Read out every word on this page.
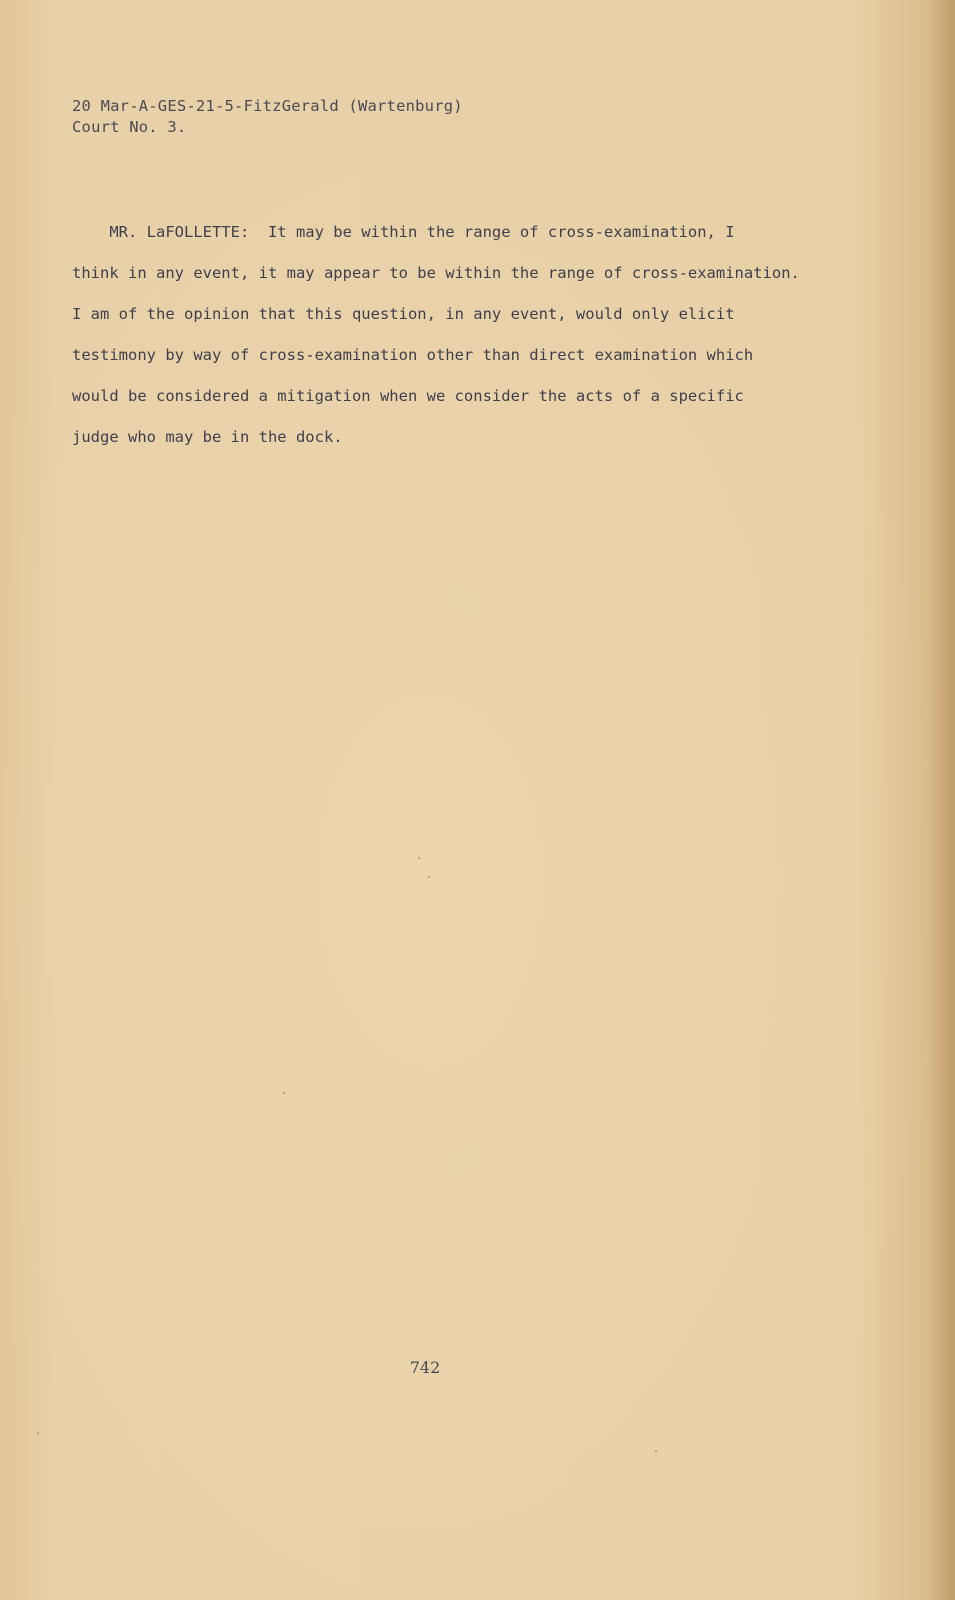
20 Mar-A-GES-21-5-FitzGerald (Wartenburg)
Court No. 3.
MR. LaFOLLETTE:  It may be within the range of cross-examination, I
think in any event, it may appear to be within the range of cross-examination.
I am of the opinion that this question, in any event, would only elicit
testimony by way of cross-examination other than direct examination which
would be considered a mitigation when we consider the acts of a specific
judge who may be in the dock.
742
